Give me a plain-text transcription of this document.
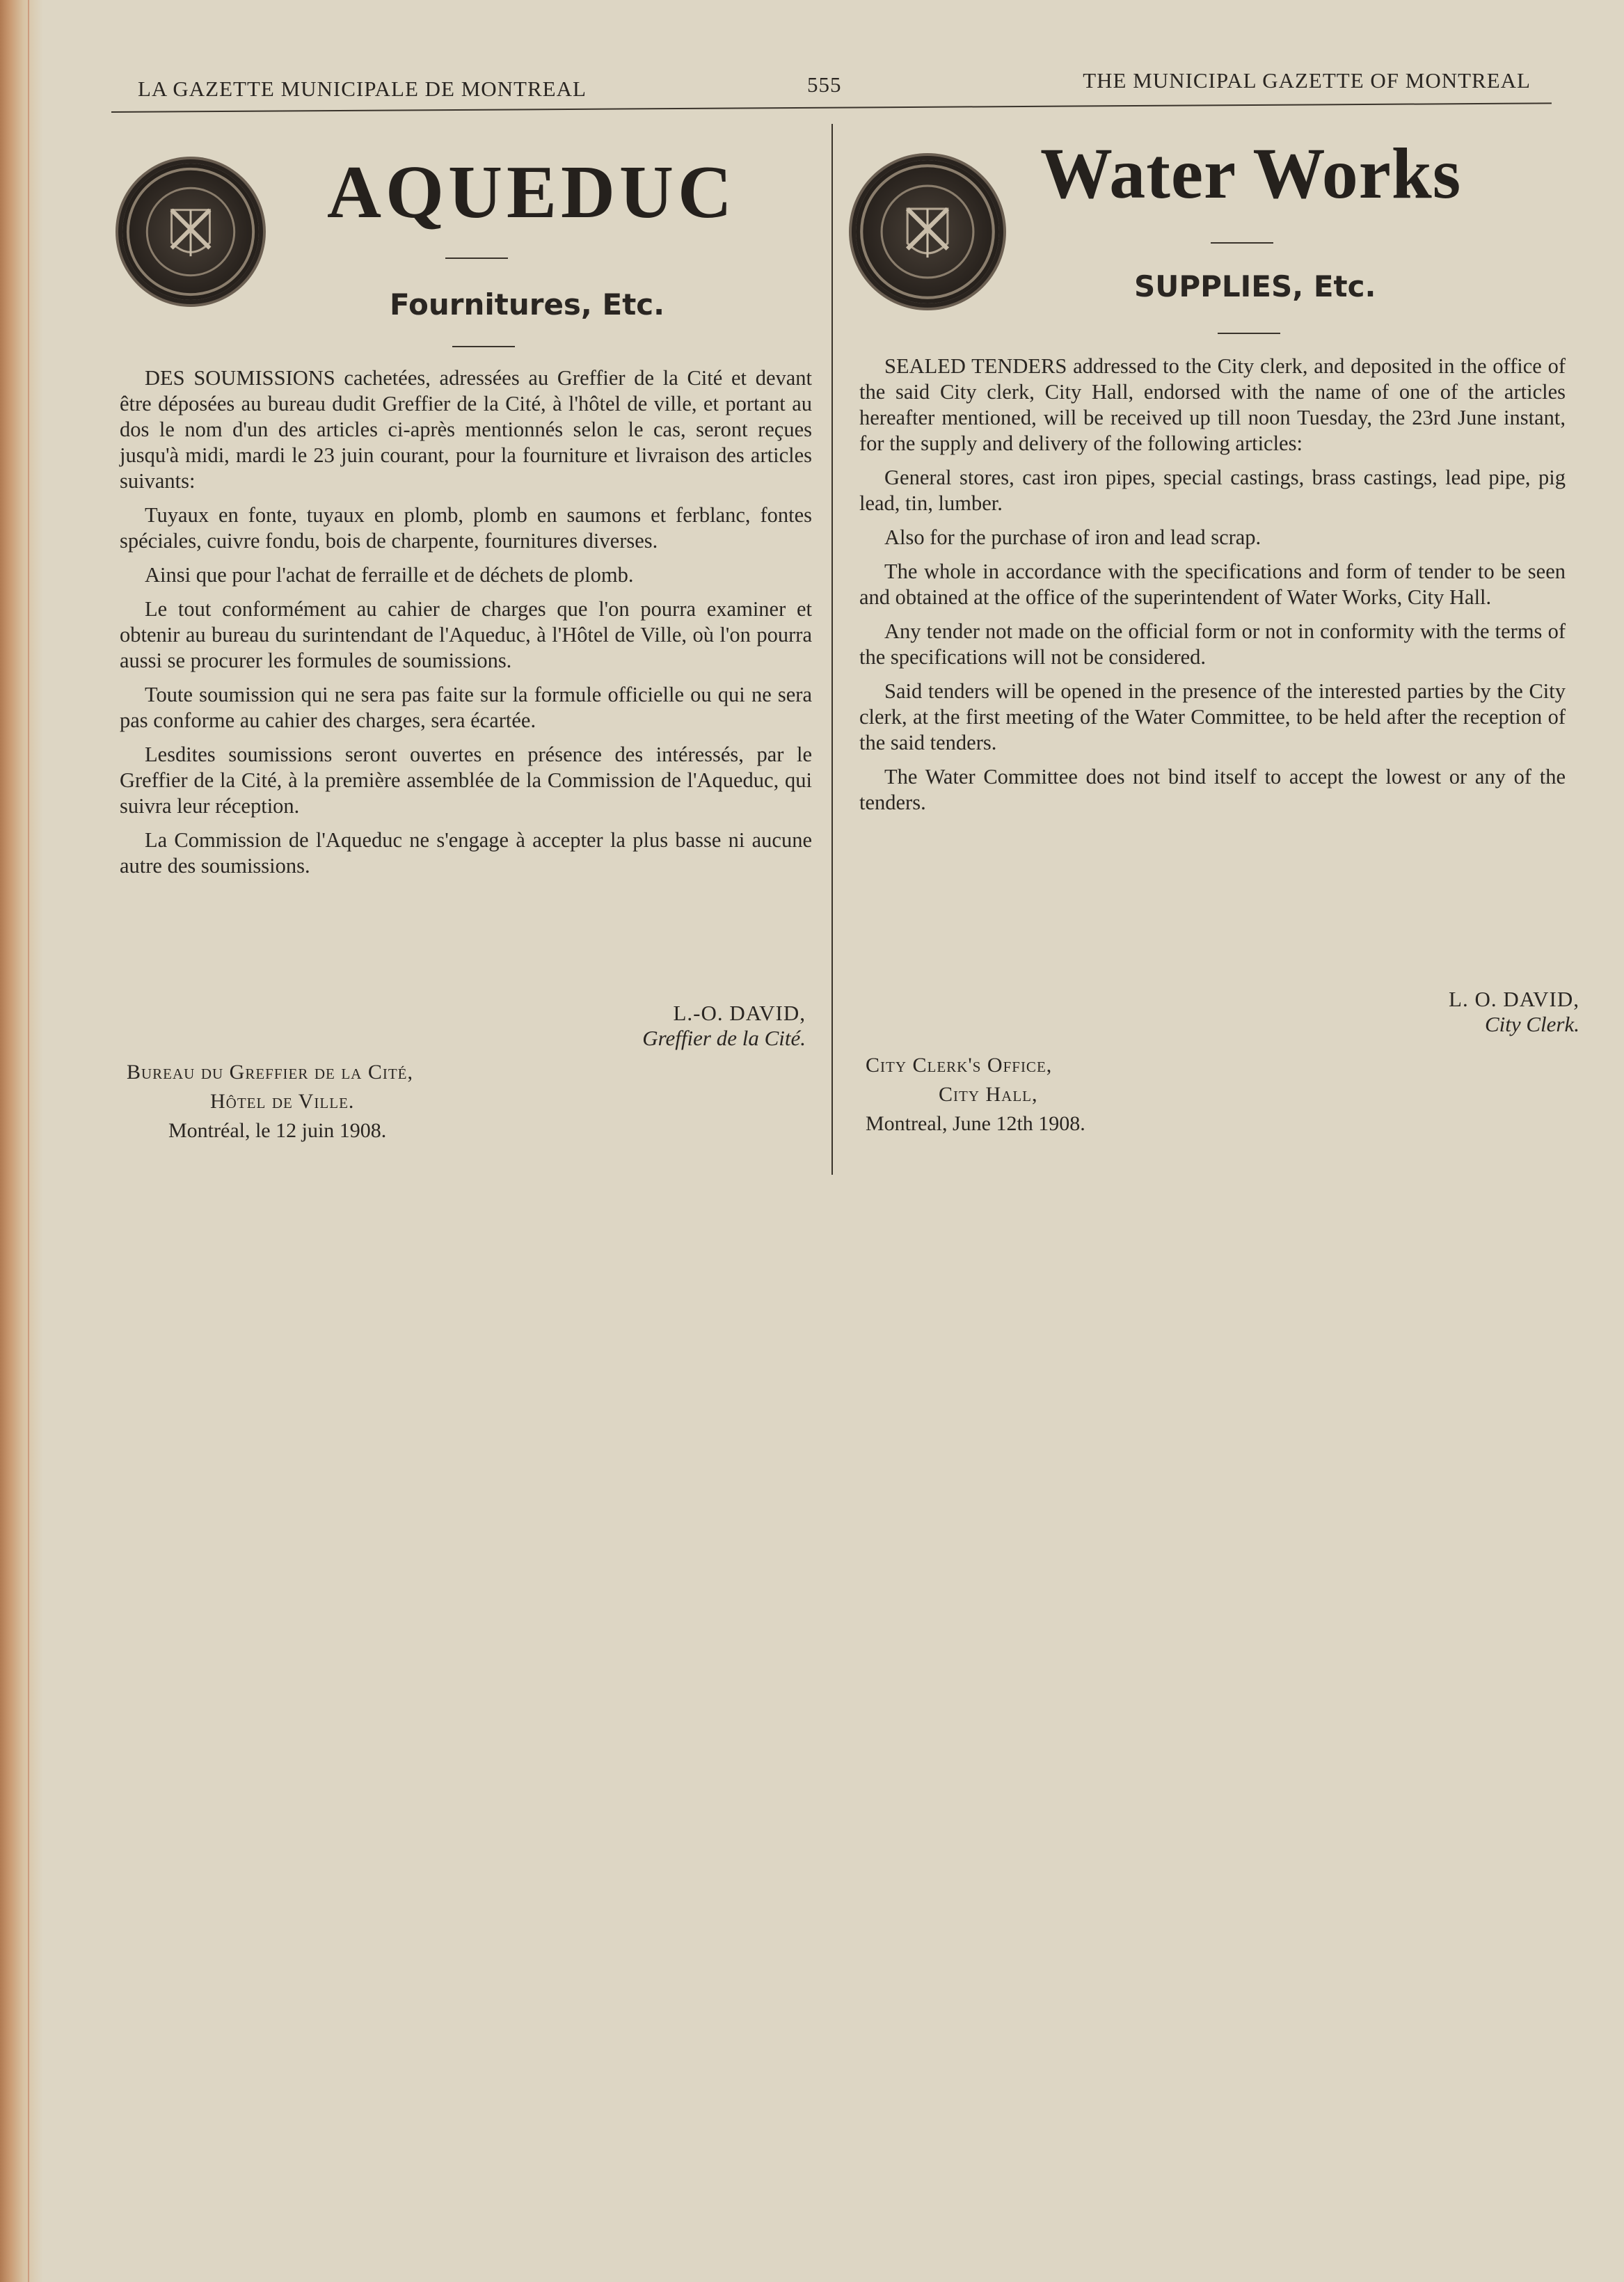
LA GAZETTE MUNICIPALE DE MONTREAL	555	THE MUNICIPAL GAZETTE OF MONTREAL
AQUEDUC
Fournitures, Etc.

DES SOUMISSIONS cachetées, adressées au Greffier de la Cité et devant être déposées au bureau dudit Greffier de la Cité, à l'hôtel de ville, et portant au dos le nom d'un des articles ci-après mentionnés selon le cas, seront reçues jusqu'à midi, mardi le 23 juin courant, pour la fourniture et livraison des articles suivants:

Tuyaux en fonte, tuyaux en plomb, plomb en saumons et ferblanc, fontes spéciales, cuivre fondu, bois de charpente, fournitures diverses.

Ainsi que pour l'achat de ferraille et de déchets de plomb.

Le tout conformément au cahier de charges que l'on pourra examiner et obtenir au bureau du surintendant de l'Aqueduc, à l'Hôtel de Ville, où l'on pourra aussi se procurer les formules de soumissions.

Toute soumission qui ne sera pas faite sur la formule officielle ou qui ne sera pas conforme au cahier des charges, sera écartée.

Lesdites soumissions seront ouvertes en présence des intéressés, par le Greffier de la Cité, à la première assemblée de la Commission de l'Aqueduc, qui suivra leur réception.

La Commission de l'Aqueduc ne s'engage à accepter la plus basse ni aucune autre des soumissions.

L.-O. DAVID,
Greffier de la Cité.
Bureau du Greffier de la Cité,
Hôtel de Ville.
Montréal, le 12 juin 1908.
Water Works
SUPPLIES, Etc.

SEALED TENDERS addressed to the City clerk, and deposited in the office of the said City clerk, City Hall, endorsed with the name of one of the articles hereafter mentioned, will be received up till noon Tuesday, the 23rd June instant, for the supply and delivery of the following articles:

General stores, cast iron pipes, special castings, brass castings, lead pipe, pig lead, tin, lumber.

Also for the purchase of iron and lead scrap.

The whole in accordance with the specifications and form of tender to be seen and obtained at the office of the superintendent of Water Works, City Hall.

Any tender not made on the official form or not in conformity with the terms of the specifications will not be considered.

Said tenders will be opened in the presence of the interested parties by the City clerk, at the first meeting of the Water Committee, to be held after the reception of the said tenders.

The Water Committee does not bind itself to accept the lowest or any of the tenders.

L. O. DAVID,
City Clerk.
City Clerk's Office,
City Hall,
Montreal, June 12th 1908.
